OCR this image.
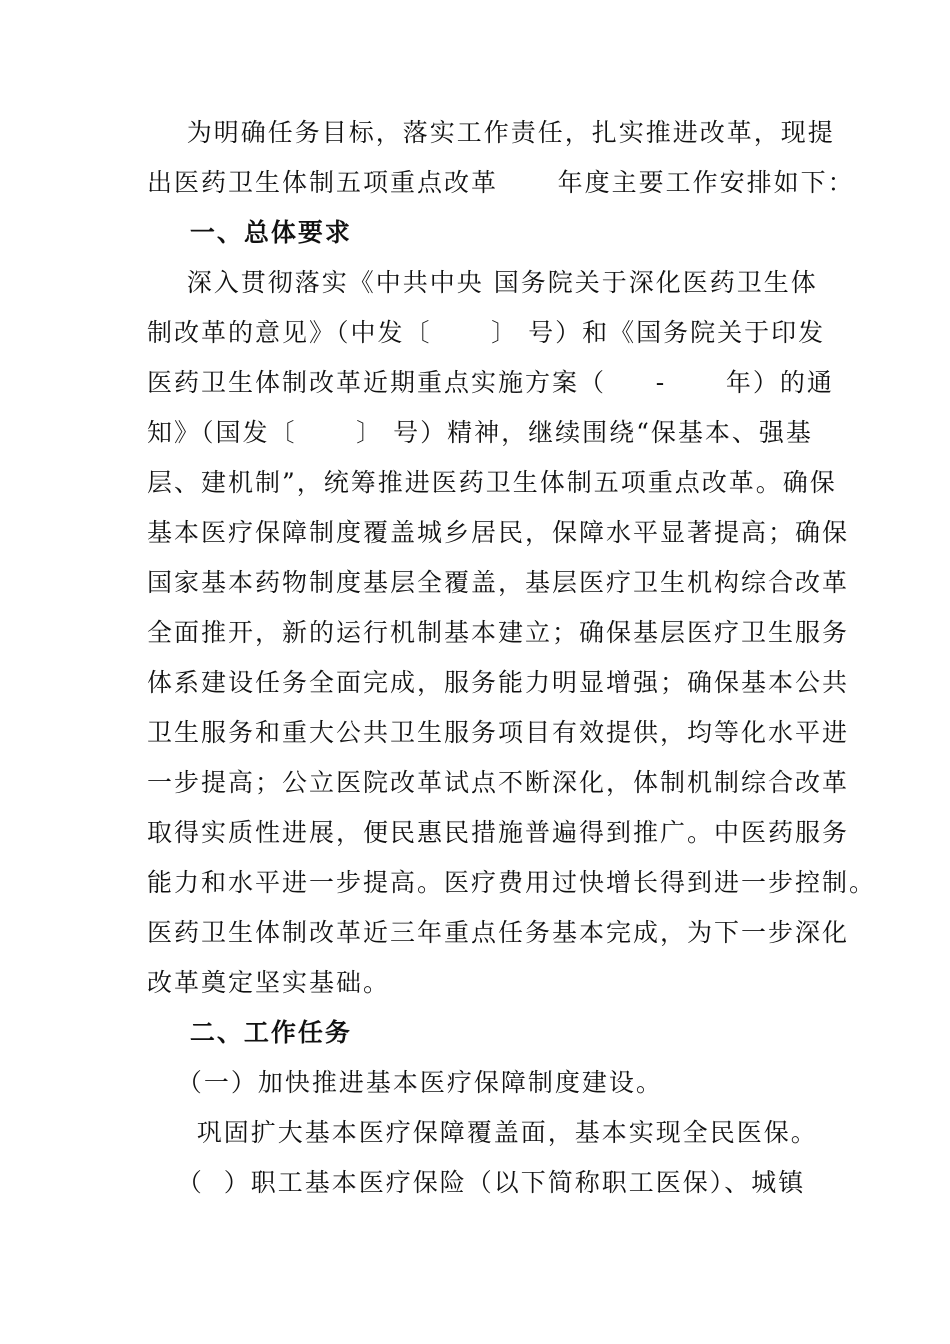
为明确任务目标，落实工作责任，扎实推进改革，现提
出医药卫生体制五项重点改革      年度主要工作安排如下：
一、总体要求
深入贯彻落实《中共中央 国务院关于深化医药卫生体
制改革的意见》（中发〔      〕 号）和《国务院关于印发
医药卫生体制改革近期重点实施方案（     -      年）的通
知》（国发〔      〕 号）精神，继续围绕“保基本、强基
层、建机制”，统筹推进医药卫生体制五项重点改革。确保
基本医疗保障制度覆盖城乡居民，保障水平显著提高；确保
国家基本药物制度基层全覆盖，基层医疗卫生机构综合改革
全面推开，新的运行机制基本建立；确保基层医疗卫生服务
体系建设任务全面完成，服务能力明显增强；确保基本公共
卫生服务和重大公共卫生服务项目有效提供，均等化水平进
一步提高；公立医院改革试点不断深化，体制机制综合改革
取得实质性进展，便民惠民措施普遍得到推广。中医药服务
能力和水平进一步提高。医疗费用过快增长得到进一步控制。
医药卫生体制改革近三年重点任务基本完成，为下一步深化
改革奠定坚实基础。
二、工作任务
（一）加快推进基本医疗保障制度建设。
巩固扩大基本医疗保障覆盖面，基本实现全民医保。
（  ）职工基本医疗保险（以下简称职工医保）、城镇
